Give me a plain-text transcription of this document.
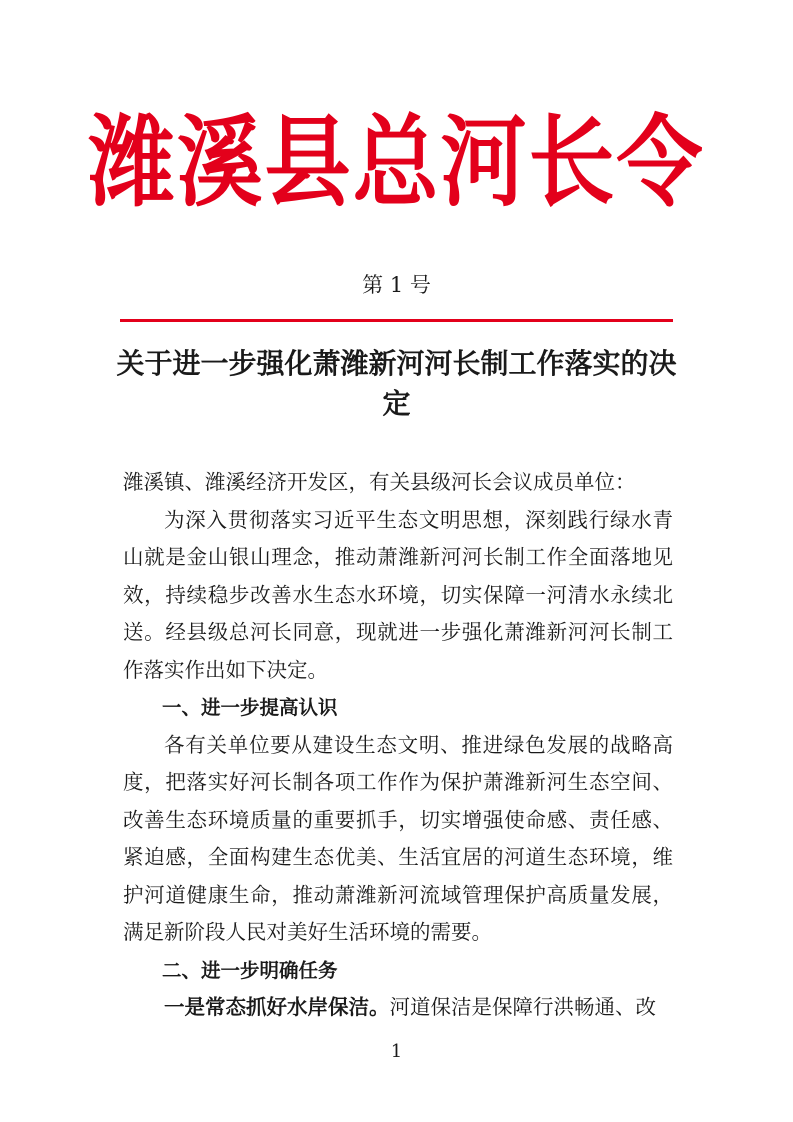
潍溪县总河长令
第 1 号
关于进一步强化萧潍新河河长制工作落实的决定

潍溪镇、潍溪经济开发区，有关县级河长会议成员单位：

为深入贯彻落实习近平生态文明思想，深刻践行绿水青山就是金山银山理念，推动萧潍新河河长制工作全面落地见效，持续稳步改善水生态水环境，切实保障一河清水永续北送。经县级总河长同意，现就进一步强化萧潍新河河长制工作落实作出如下决定。

一、进一步提高认识

各有关单位要从建设生态文明、推进绿色发展的战略高度，把落实好河长制各项工作作为保护萧潍新河生态空间、改善生态环境质量的重要抓手，切实增强使命感、责任感、紧迫感，全面构建生态优美、生活宜居的河道生态环境，维护河道健康生命，推动萧潍新河流域管理保护高质量发展，满足新阶段人民对美好生活环境的需要。

二、进一步明确任务

一是常态抓好水岸保洁。河道保洁是保障行洪畅通、改

1
